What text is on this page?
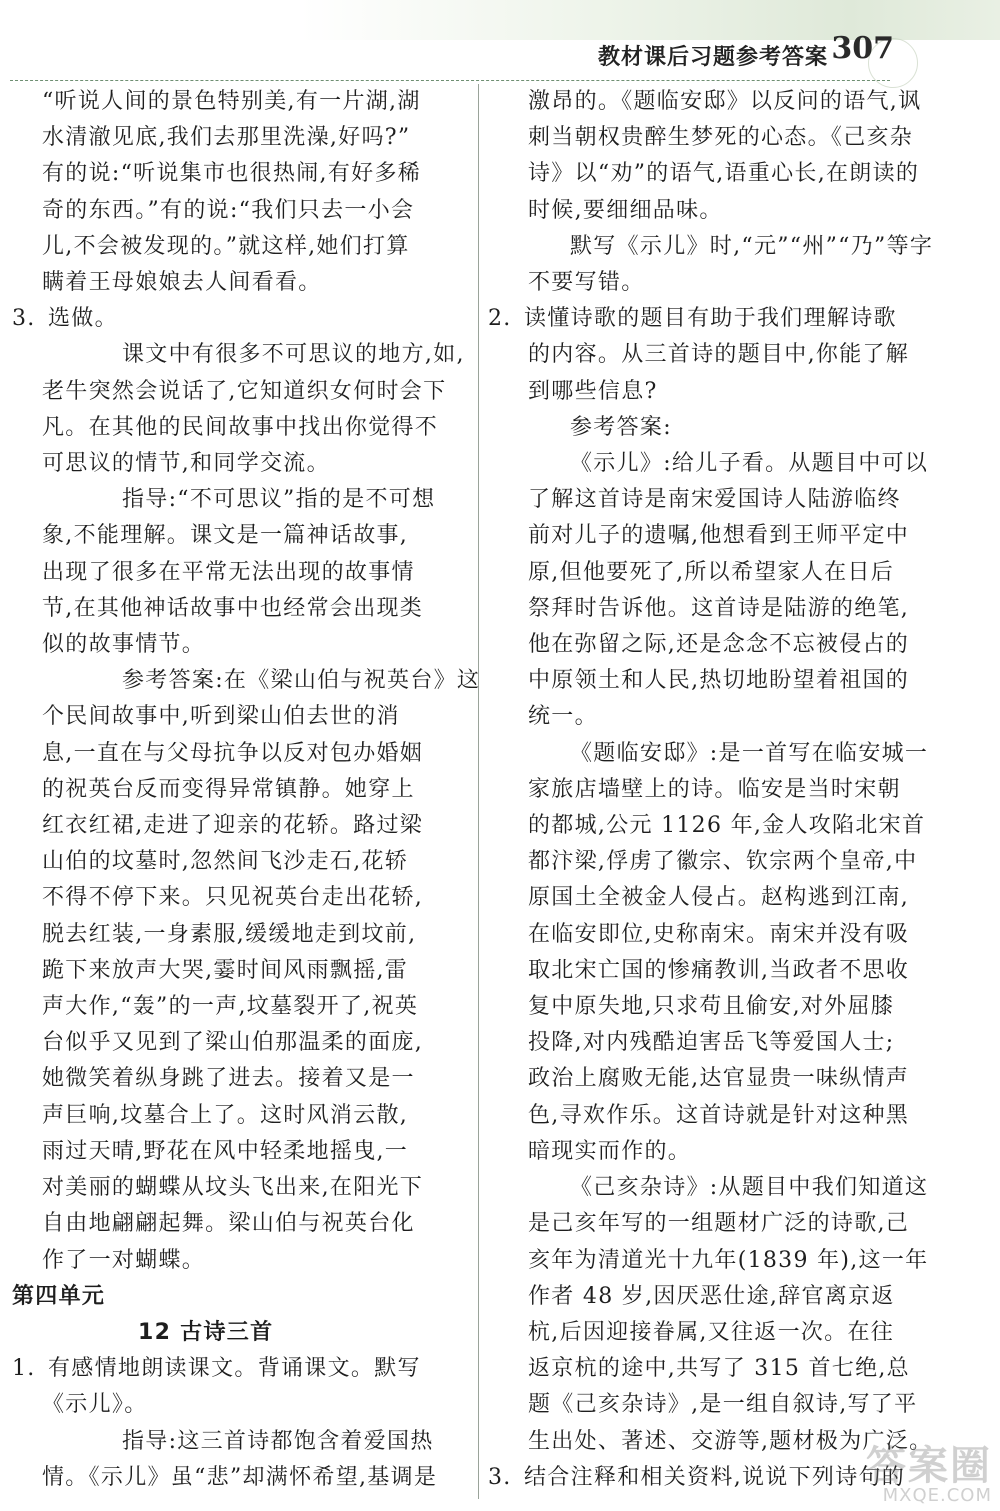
教材课后习题参考答案 307

“听说人间的景色特别美,有一片湖,湖

水清澈见底,我们去那里洗澡,好吗?”

有的说:“听说集市也很热闹,有好多稀

奇的东西。”有的说:“我们只去一小会

儿,不会被发现的。”就这样,她们打算

瞒着王母娘娘去人间看看。

3. 选做。

课文中有很多不可思议的地方,如,

老牛突然会说话了,它知道织女何时会下

凡。在其他的民间故事中找出你觉得不

可思议的情节,和同学交流。

指导:“不可思议”指的是不可想

象,不能理解。课文是一篇神话故事,

出现了很多在平常无法出现的故事情

节,在其他神话故事中也经常会出现类

似的故事情节。

参考答案:在《梁山伯与祝英台》这

个民间故事中,听到梁山伯去世的消

息,一直在与父母抗争以反对包办婚姻

的祝英台反而变得异常镇静。她穿上

红衣红裙,走进了迎亲的花轿。路过梁

山伯的坟墓时,忽然间飞沙走石,花轿

不得不停下来。只见祝英台走出花轿,

脱去红装,一身素服,缓缓地走到坟前,

跪下来放声大哭,霎时间风雨飘摇,雷

声大作,“轰”的一声,坟墓裂开了,祝英

台似乎又见到了梁山伯那温柔的面庞,

她微笑着纵身跳了进去。接着又是一

声巨响,坟墓合上了。这时风消云散,

雨过天晴,野花在风中轻柔地摇曳,一

对美丽的蝴蝶从坟头飞出来,在阳光下

自由地翩翩起舞。梁山伯与祝英台化

作了一对蝴蝶。

第四单元

12 古诗三首

1. 有感情地朗读课文。背诵课文。默写

《示儿》。

指导:这三首诗都饱含着爱国热

情。《示儿》虽“悲”却满怀希望,基调是

激昂的。《题临安邸》以反问的语气,讽

刺当朝权贵醉生梦死的心态。《己亥杂

诗》以“劝”的语气,语重心长,在朗读的

时候,要细细品味。

默写《示儿》时,“元”“州”“乃”等字

不要写错。

2. 读懂诗歌的题目有助于我们理解诗歌

的内容。从三首诗的题目中,你能了解

到哪些信息?

参考答案:

《示儿》:给儿子看。从题目中可以

了解这首诗是南宋爱国诗人陆游临终

前对儿子的遗嘱,他想看到王师平定中

原,但他要死了,所以希望家人在日后

祭拜时告诉他。这首诗是陆游的绝笔,

他在弥留之际,还是念念不忘被侵占的

中原领土和人民,热切地盼望着祖国的

统一。

《题临安邸》:是一首写在临安城一

家旅店墙壁上的诗。临安是当时宋朝

的都城,公元 1126 年,金人攻陷北宋首

都汴梁,俘虏了徽宗、钦宗两个皇帝,中

原国土全被金人侵占。赵构逃到江南,

在临安即位,史称南宋。南宋并没有吸

取北宋亡国的惨痛教训,当政者不思收

复中原失地,只求苟且偷安,对外屈膝

投降,对内残酷迫害岳飞等爱国人士;

政治上腐败无能,达官显贵一味纵情声

色,寻欢作乐。这首诗就是针对这种黑

暗现实而作的。

《己亥杂诗》:从题目中我们知道这

是己亥年写的一组题材广泛的诗歌,己

亥年为清道光十九年(1839 年),这一年

作者 48 岁,因厌恶仕途,辞官离京返

杭,后因迎接眷属,又往返一次。在往

返京杭的途中,共写了 315 首七绝,总

题《己亥杂诗》,是一组自叙诗,写了平

生出处、著述、交游等,题材极为广泛。

3. 结合注释和相关资料,说说下列诗句的

答案圈
MXQE.COM
